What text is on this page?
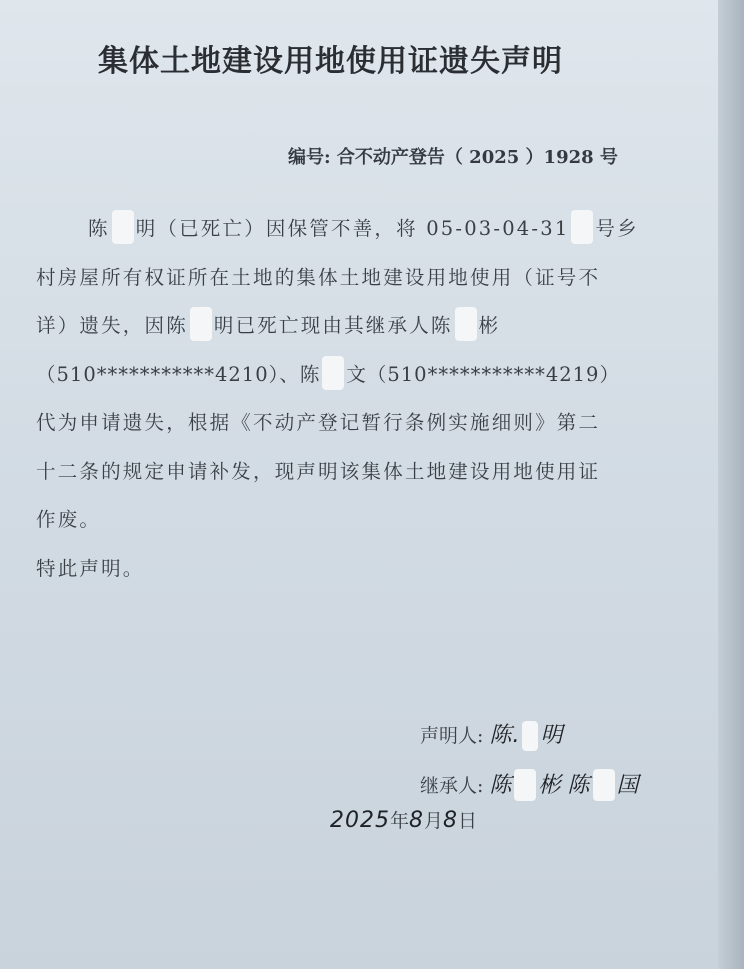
集体土地建设用地使用证遗失声明
编号: 合不动产登告（ 2025 ）1928 号
陈 明（已死亡）因保管不善，将 05-03-04-31 号乡
村房屋所有权证所在土地的集体土地建设用地使用（证号不
详）遗失，因陈 明已死亡现由其继承人陈 彬
（510***********4210）、陈 文（510***********4219）
代为申请遗失，根据《不动产登记暂行条例实施细则》第二
十二条的规定申请补发，现声明该集体土地建设用地使用证
作废。
特此声明。
声明人: 陈. 明
继承人: 陈 彬 陈 国
2025年8月8日
